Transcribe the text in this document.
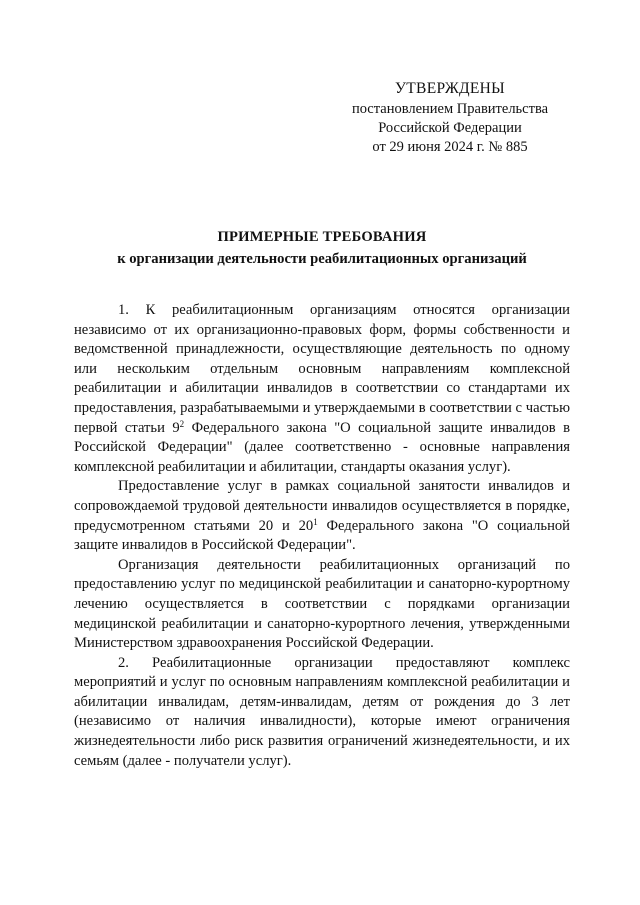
УТВЕРЖДЕНЫ
постановлением Правительства
Российской Федерации
от 29 июня 2024 г. № 885
ПРИМЕРНЫЕ ТРЕБОВАНИЯ
к организации деятельности реабилитационных организаций

1. К реабилитационным организациям относятся организации независимо от их организационно-правовых форм, формы собственности и ведомственной принадлежности, осуществляющие деятельность по одному или нескольким отдельным основным направлениям комплексной реабилитации и абилитации инвалидов в соответствии со стандартами их предоставления, разрабатываемыми и утверждаемыми в соответствии с частью первой статьи $9^2$ Федерального закона "О социальной защите инвалидов в Российской Федерации" (далее соответственно - основные направления комплексной реабилитации и абилитации, стандарты оказания услуг).

Предоставление услуг в рамках социальной занятости инвалидов и сопровождаемой трудовой деятельности инвалидов осуществляется в порядке, предусмотренном статьями 20 и $20^1$ Федерального закона "О социальной защите инвалидов в Российской Федерации".

Организация деятельности реабилитационных организаций по предоставлению услуг по медицинской реабилитации и санаторно-курортному лечению осуществляется в соответствии с порядками организации медицинской реабилитации и санаторно-курортного лечения, утвержденными Министерством здравоохранения Российской Федерации.

2. Реабилитационные организации предоставляют комплекс мероприятий и услуг по основным направлениям комплексной реабилитации и абилитации инвалидам, детям-инвалидам, детям от рождения до 3 лет (независимо от наличия инвалидности), которые имеют ограничения жизнедеятельности либо риск развития ограничений жизнедеятельности, и их семьям (далее - получатели услуг).
